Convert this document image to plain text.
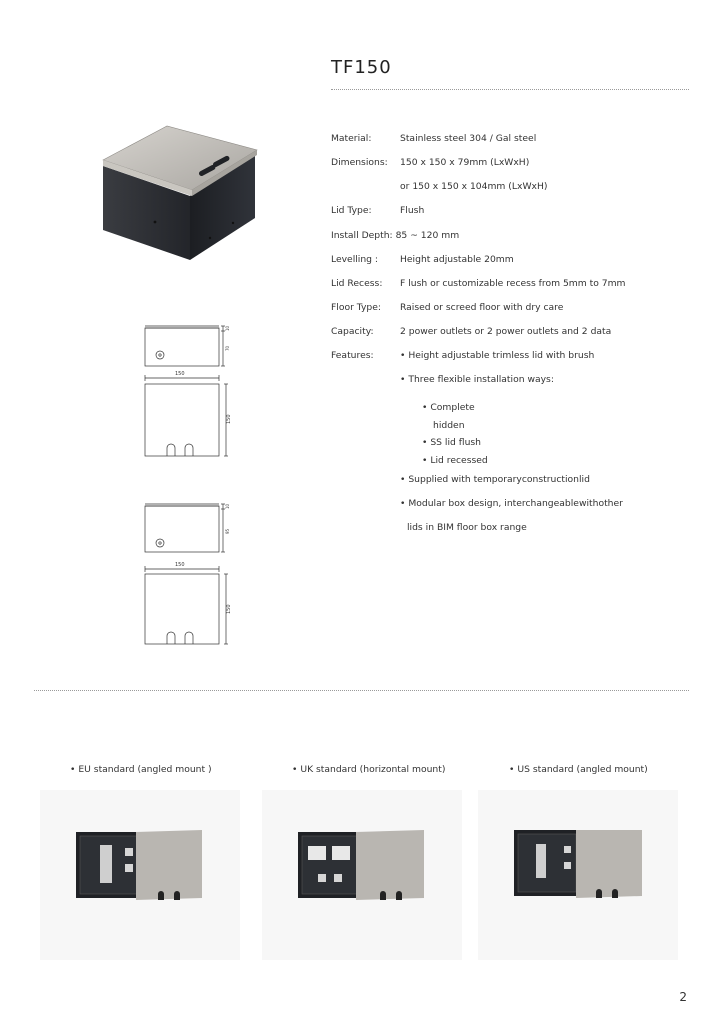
TF150
150
150
10
70
150
150
10
95
Material:	Stainless steel 304 / Gal steel
Dimensions: 150 x 150 x 79mm (LxWxH)
or 150 x 150 x 104mm (LxWxH)
Lid Type:	Flush
Install Depth: 85 ~ 120 mm
Levelling : Height adjustable 20mm
Lid Recess: F lush or customizable recess from 5mm to 7mm
Floor Type: Raised or screed floor with dry care
Capacity:	2 power outlets or 2 power outlets and 2 data
Features:	• Height adjustable trimless lid with brush
• Three flexible installation ways:
• Complete
hidden
• SS lid flush
• Lid recessed
• Supplied with temporaryconstructionlid
• Modular box design, interchangeablewithother
lids in BIM floor box range
• EU standard (angled mount )	• UK standard (horizontal mount)	• US standard (angled mount)
2
